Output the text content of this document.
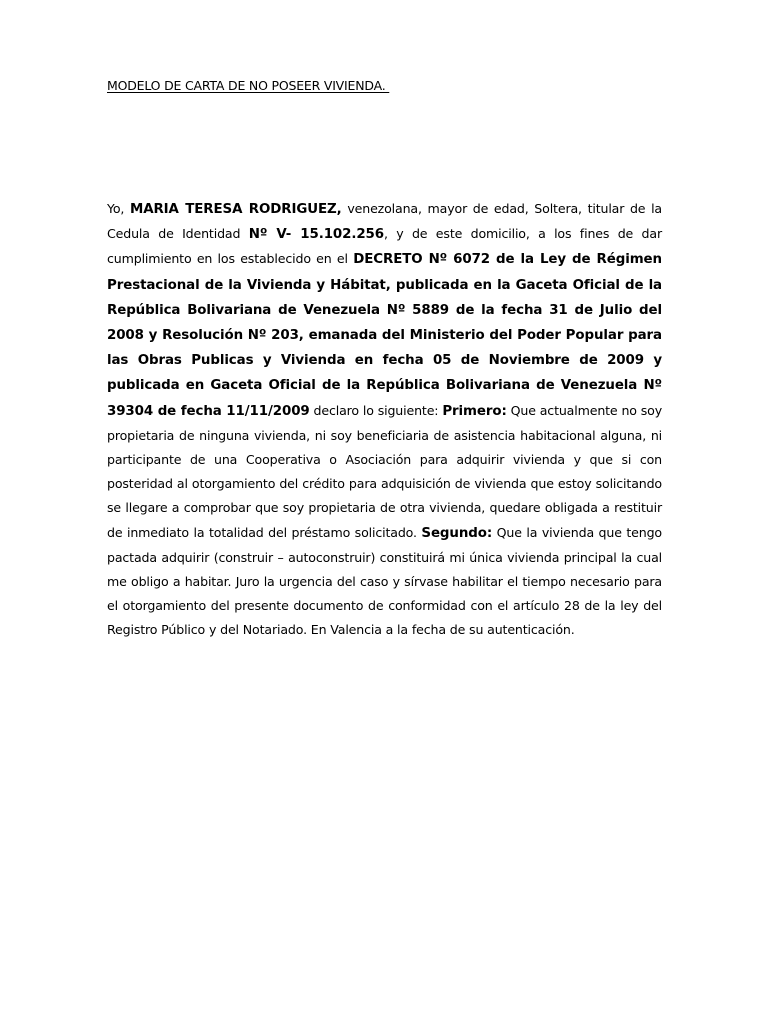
MODELO DE CARTA DE NO POSEER VIVIENDA.

Yo, MARIA TERESA RODRIGUEZ, venezolana, mayor de edad, Soltera, titular de la Cedula de Identidad Nº V- 15.102.256, y de este domicilio, a los fines de dar cumplimiento en los establecido en el DECRETO Nº 6072 de la Ley de Régimen Prestacional de la Vivienda y Hábitat, publicada en la Gaceta Oficial de la República Bolivariana de Venezuela Nº 5889 de la fecha 31 de Julio del 2008 y Resolución Nº 203, emanada del Ministerio del Poder Popular para las Obras Publicas y Vivienda en fecha 05 de Noviembre de 2009 y publicada en Gaceta Oficial de la República Bolivariana de Venezuela Nº 39304 de fecha 11/11/2009 declaro lo siguiente: Primero: Que actualmente no soy propietaria de ninguna vivienda, ni soy beneficiaria de asistencia habitacional alguna, ni participante de una Cooperativa o Asociación para adquirir vivienda y que si con posteridad al otorgamiento del crédito para adquisición de vivienda que estoy solicitando se llegare a comprobar que soy propietaria de otra vivienda, quedare obligada a restituir de inmediato la totalidad del préstamo solicitado. Segundo: Que la vivienda que tengo pactada adquirir (construir – autoconstruir) constituirá mi única vivienda principal la cual me obligo a habitar. Juro la urgencia del caso y sírvase habilitar el tiempo necesario para el otorgamiento del presente documento de conformidad con el artículo 28 de la ley del Registro Público y del Notariado. En Valencia a la fecha de su autenticación.
